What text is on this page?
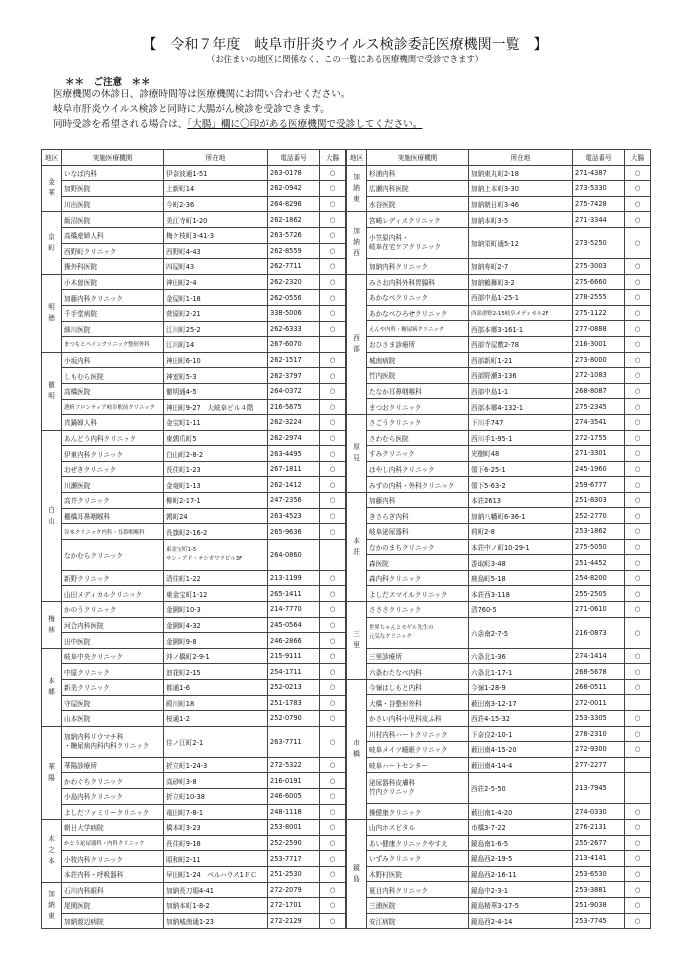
【　令和７年度　岐阜市肝炎ウイルス検診委託医療機関一覧　】
（お住まいの地区に関係なく、この一覧にある医療機関で受診できます）
＊＊　ご注意　＊＊
医療機関の休診日、診療時間等は医療機関にお問い合わせください。
岐阜市肝炎ウイルス検診と同時に大腸がん検診を受診できます。
同時受診を希望される場合は、「大腸」欄に〇印がある医療機関で受診してください。
地区	実施医療機関	所在地	電話番号	大腸

金
華	いなば内科	伊奈波通1-51	263-0178	○
	加野医院	上新町14	262-0942	○
	川出医院	今町2-36	264-8296	○

京
町	飯沼医院	美江寺町1-20	262-1862	○
	高橋産婦人科	梅ケ枝町3-41-3	263-5726	○
	西野町クリニック	西野町4-43	262-8559	○
	操外科医院	四屋町43	262-7711	○

明
徳	小木曽医院	神田町2-4	262-2320	○
	加藤内科クリニック	金屋町1-18	262-0556	○
	千手堂病院	菅原町2-21	338-5006	○
	細川医院	江川町25-2	262-6333	○
	まつもとペインクリニック整形外科	江川町14	267-6070	

徹
明	小坂内科	神田町6-10	262-1517	○
	しもむら医院	神室町5-3	262-3797	○
	高橋医院	徹明通4-5	264-0372	○
	透析フロンティア岐阜駅前クリニック	神田町9-27　大岐阜ビル４階	216-5675	○
	真鍋婦人科	金宝町1-11	262-3224	○

白
山	あんどう内科クリニック	東鶉爪町5	262-2974	○
	伊東内科クリニック	白山町2-8-2	263-4495	○
	おぜきクリニック	長住町1-23	267-1811	○
	川瀬医院	金竜町1-13	262-1412	○
	高井クリニック	柳町2-17-1	247-2356	○
	棚橋耳鼻咽喉科	鶉町24	263-4523	○
	谷本クリニック内科・耳鼻咽喉科	長旗町2-16-2	265-9636	○
	なかむらクリニック	東金宝町1-5
サン・アド・テシガワラビル3F	264-0860	
	新野クリニック	清住町1-22	213-1199	○
	山田メディカルクリニック	東金宝町1-12	265-1411	○

梅
林	かのうクリニック	金園町10-3	214-7770	○
	河合内科医院	金園町4-32	245-0564	○
	田中医院	金園町9-8	246-2866	○

本
郷	岐阜中央クリニック	沖ノ橋町2-9-1	215-9111	○
	中原クリニック	浪花町2-15	254-1711	○
	新美クリニック	都通1-6	252-0213	○
	守屋医院	殿川町18	251-1783	○
	山本医院	桜通1-2	252-0790	○

華
陽	加納内科リウマチ科
・糖尿病内科内科クリニック	住ノ江町2-1	263-7711	○
	華陽診療所	折立町1-24-3	272-5322	○
	かわぐちクリニック	高砂町3-8	216-0191	○
	小島内科クリニック	折立町10-38	246-6005	○
	よしだファミリークリニック	竜田町7-8-1	248-1118	○

木
之
本	朝日大学病院	橋本町3-23	253-8001	○
	かとう泌尿器科・内科クリニック	長住町9-18	252-2590	○
	小牧内科クリニック	昭和町2-11	253-7717	○
	本荘内科・呼吸器科	早田町1-24　ベルハウス1ＦＣ	251-2530	○

加
納
東	石川内科眼科	加納長刀堀4-41	272-2079	○
	尾関医院	加納本町1-8-2	272-1701	○
	加納渡辺病院	加納城南通1-23	272-2129	○
地区	実施医療機関	所在地	電話番号	大腸

加
納
東	杉浦内科	加納東丸町2-18	271-4387	○
	広瀬内科医院	加納上本町3-30	273-5330	○
	水谷医院	加納朝日町3-46	275-7428	○

加
納
西	宮崎レディスクリニック	加納本町3-5	271-3344	○

	小笠原内科・
岐阜在宅ケアクリニック	加納栄町通5-12	273-5250	○
	加納内科クリニック	加納寿町2-7	275-3003	○

西
部	みさお内科外科胃腸科	加納鶴舞町3-2	275-6660	○
	あかなべクリニック	西部中島1-25-1	278-2555	○
	あかなべひろせクリニック	西部重野2-15岐阜メディカル2F	275-1122	○
	えんや内科・糖尿病クリニック	西部本郷3-161-1	277-0888	○
	おひさま診療所	西部寺屋敷2-78	216-3001	○
	城南病院	西部新町1-21	273-8000	○
	竹内医院	西部野瀬3-136	272-1083	○
	たなか耳鼻咽喉科	西部中島1-1	268-8087	○
	まつおクリニック	西部本郷4-132-1	275-2345	○

厚
見	さごうクリニック	下川手747	274-3541	○
	さわむら医院	西川手1-95-1	272-1755	○
	すみクリニック	光樹町48	271-3301	○
	はやし内科クリニック	領下6-25-1	245-1960	○
	みずの内科・外科クリニック	領下5-63-2	259-6777	○

本
荘	加藤内科	本荘2613	251-8303	○
	きさらぎ内科	加納八幡町6-36-1	252-2770	○
	岐阜泌尿器科	荷町2-8	253-1862	○
	なかのまちクリニック	本荘中ノ町10-29-1	275-5050	○
	森医院	香取町3-48	251-4452	○
	森内科クリニック	鹿島町5-18	254-8200	○
	よしだスマイルクリニック	本荘西3-118	255-2505	○

三
里	さささクリニック	清760-5	271-0610	○

	世界ちゃんとモゲル先生の
元気なクリニック	六条南2-7-5	216-0873	○
	三里診療所	六条北1-36	274-1414	○
	六条わたなべ内科	六条北1-17-1	268-5678	○

市
橋	今嶺はしもと内科	今嶺1-28-9	268-0511	○
	大橋・谷整形外科	薮田南3-12-17	272-0011	
	かさい内科小児科皮ふ科	西荘4-15-32	253-3305	○
	川村内科ハートクリニック	下奈良2-10-1	278-2310	○
	岐阜メイツ睡眠クリニック	薮田南4-15-20	272-9300	○
	岐阜ハートセンター	薮田南4-14-4	277-2277	

	泌尿器科皮膚科
竹内クリニック	西荘2-5-50	213-7945	
	操健康クリニック	薮田南1-4-20	274-0330	○

鏡
島	山内ホスピタル	市橋3-7-22	276-2131	○
	あい健康クリニックやすえ	鏡島南1-6-5	255-2677	○
	いずみクリニック	鏡島西2-19-5	213-4141	○
	木野村医院	鏡島西2-16-11	253-6530	○
	夏目内科クリニック	鏡島中2-3-1	253-3881	○
	三浦医院	鏡島精華3-17-5	251-9038	○
	安江病院	鏡島西2-4-14	253-7745	○
